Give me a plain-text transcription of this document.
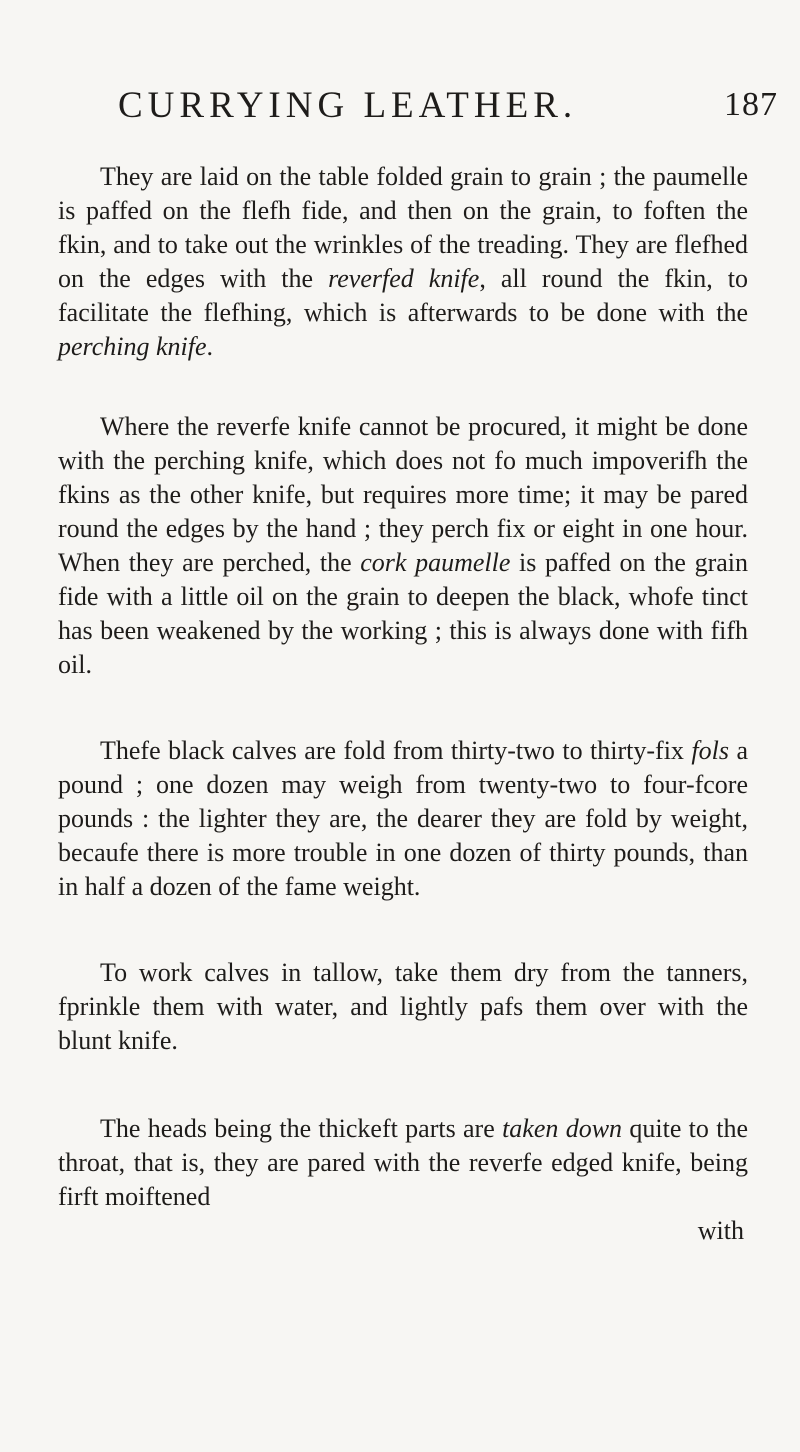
CURRYING LEATHER.	187

They are laid on the table folded grain to grain ; the paumelle is paffed on the flefh fide, and then on the grain, to foften the fkin, and to take out the wrinkles of the treading. They are flefhed on the edges with the reverfed knife, all round the fkin, to facilitate the flefhing, which is afterwards to be done with the perching knife.

Where the reverfe knife cannot be procured, it might be done with the perching knife, which does not fo much impoverifh the fkins as the other knife, but requires more time; it may be pared round the edges by the hand ; they perch fix or eight in one hour. When they are perched, the cork paumelle is paffed on the grain fide with a little oil on the grain to deepen the black, whofe tinct has been weakened by the working ; this is always done with fifh oil.

Thefe black calves are fold from thirty-two to thirty-fix fols a pound ; one dozen may weigh from twenty-two to four-fcore pounds : the lighter they are, the dearer they are fold by weight, becaufe there is more trouble in one dozen of thirty pounds, than in half a dozen of the fame weight.

To work calves in tallow, take them dry from the tanners, fprinkle them with water, and lightly pafs them over with the blunt knife.

The heads being the thickeft parts are taken down quite to the throat, that is, they are pared with the reverfe edged knife, being firft moiftened
with
